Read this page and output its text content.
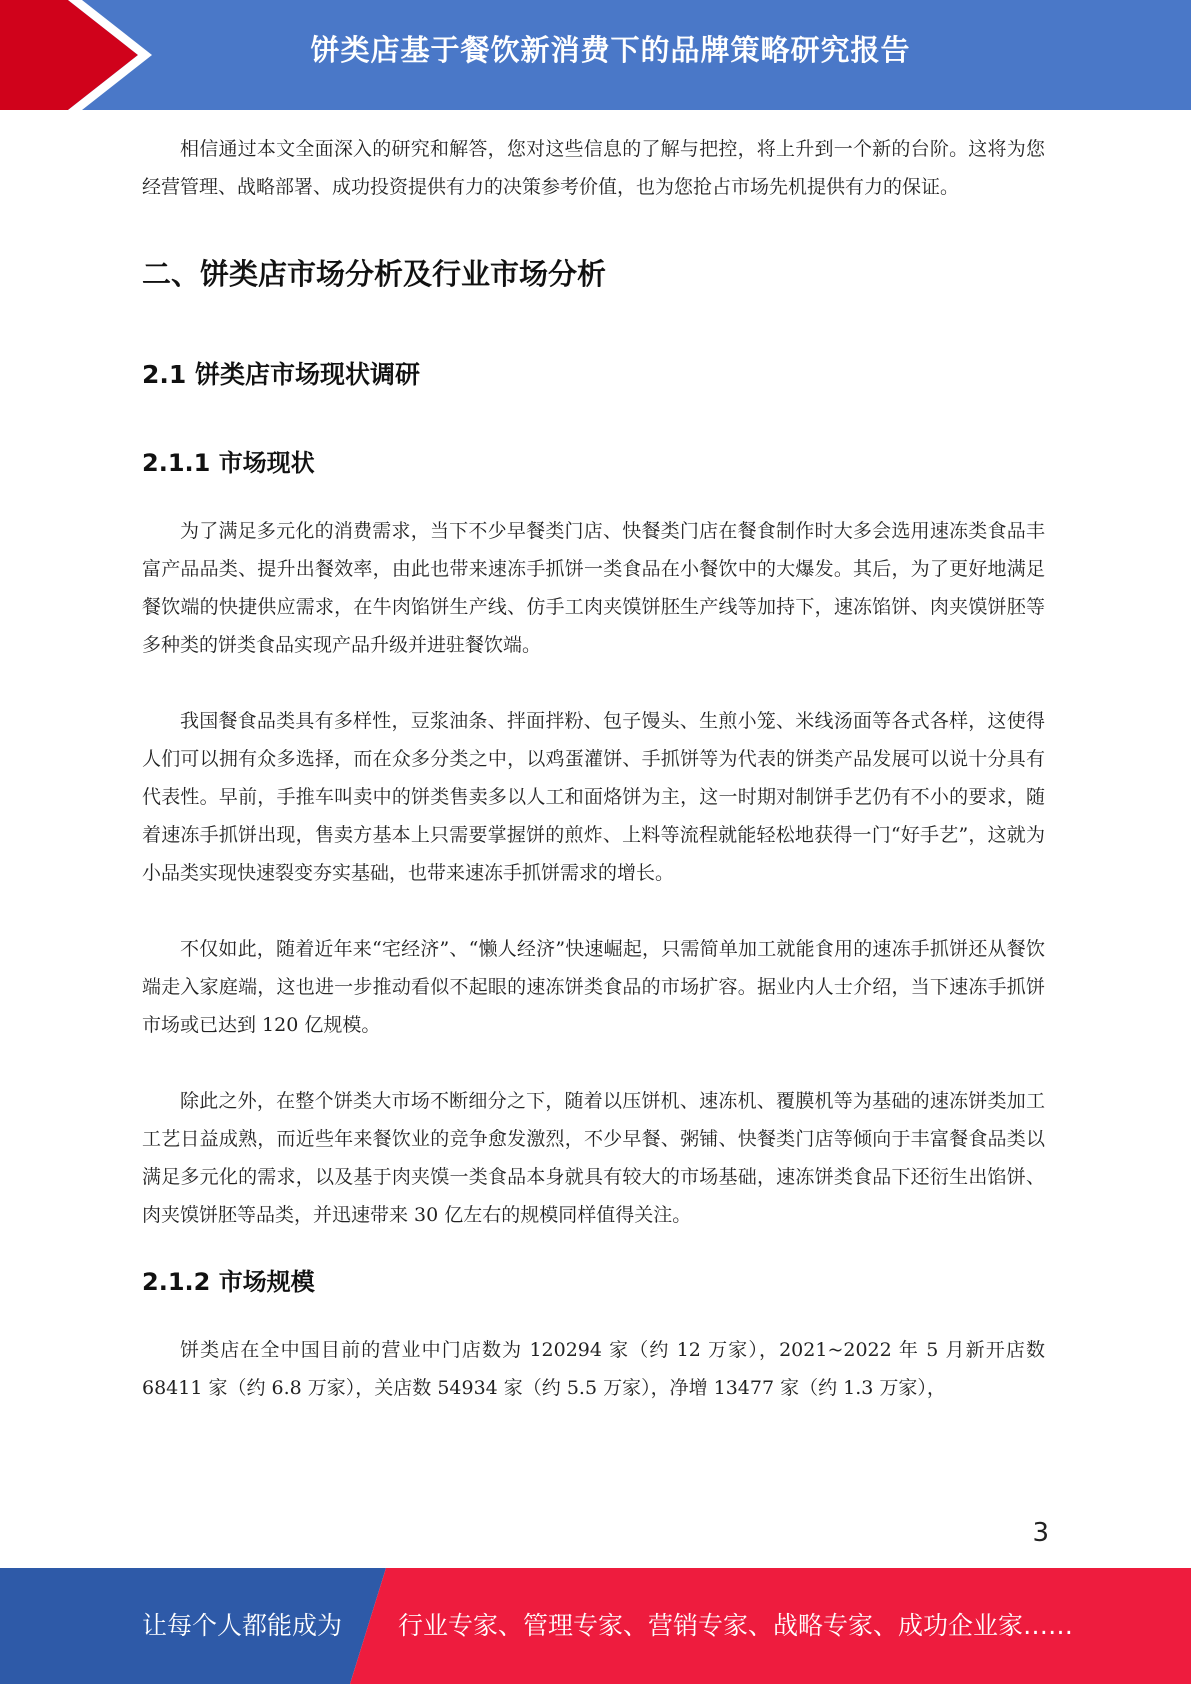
饼类店基于餐饮新消费下的品牌策略研究报告

相信通过本文全面深入的研究和解答，您对这些信息的了解与把控，将上升到一个新的台阶。这将为您经营管理、战略部署、成功投资提供有力的决策参考价值，也为您抢占市场先机提供有力的保证。

二、饼类店市场分析及行业市场分析
2.1 饼类店市场现状调研
2.1.1 市场现状

为了满足多元化的消费需求，当下不少早餐类门店、快餐类门店在餐食制作时大多会选用速冻类食品丰富产品品类、提升出餐效率，由此也带来速冻手抓饼一类食品在小餐饮中的大爆发。其后，为了更好地满足餐饮端的快捷供应需求，在牛肉馅饼生产线、仿手工肉夹馍饼胚生产线等加持下，速冻馅饼、肉夹馍饼胚等多种类的饼类食品实现产品升级并进驻餐饮端。

我国餐食品类具有多样性，豆浆油条、拌面拌粉、包子馒头、生煎小笼、米线汤面等各式各样，这使得人们可以拥有众多选择，而在众多分类之中，以鸡蛋灌饼、手抓饼等为代表的饼类产品发展可以说十分具有代表性。早前，手推车叫卖中的饼类售卖多以人工和面烙饼为主，这一时期对制饼手艺仍有不小的要求，随着速冻手抓饼出现，售卖方基本上只需要掌握饼的煎炸、上料等流程就能轻松地获得一门“好手艺”，这就为小品类实现快速裂变夯实基础，也带来速冻手抓饼需求的增长。

不仅如此，随着近年来“宅经济”、“懒人经济”快速崛起，只需简单加工就能食用的速冻手抓饼还从餐饮端走入家庭端，这也进一步推动看似不起眼的速冻饼类食品的市场扩容。据业内人士介绍，当下速冻手抓饼市场或已达到 120 亿规模。

除此之外，在整个饼类大市场不断细分之下，随着以压饼机、速冻机、覆膜机等为基础的速冻饼类加工工艺日益成熟，而近些年来餐饮业的竞争愈发激烈，不少早餐、粥铺、快餐类门店等倾向于丰富餐食品类以满足多元化的需求，以及基于肉夹馍一类食品本身就具有较大的市场基础，速冻饼类食品下还衍生出馅饼、肉夹馍饼胚等品类，并迅速带来 30 亿左右的规模同样值得关注。

2.1.2 市场规模

饼类店在全中国目前的营业中门店数为 120294 家（约 12 万家），2021~2022 年 5 月新开店数 68411 家（约 6.8 万家），关店数 54934 家（约 5.5 万家），净增 13477 家（约 1.3 万家），

3
让每个人都能成为 行业专家、管理专家、营销专家、战略专家、成功企业家……
